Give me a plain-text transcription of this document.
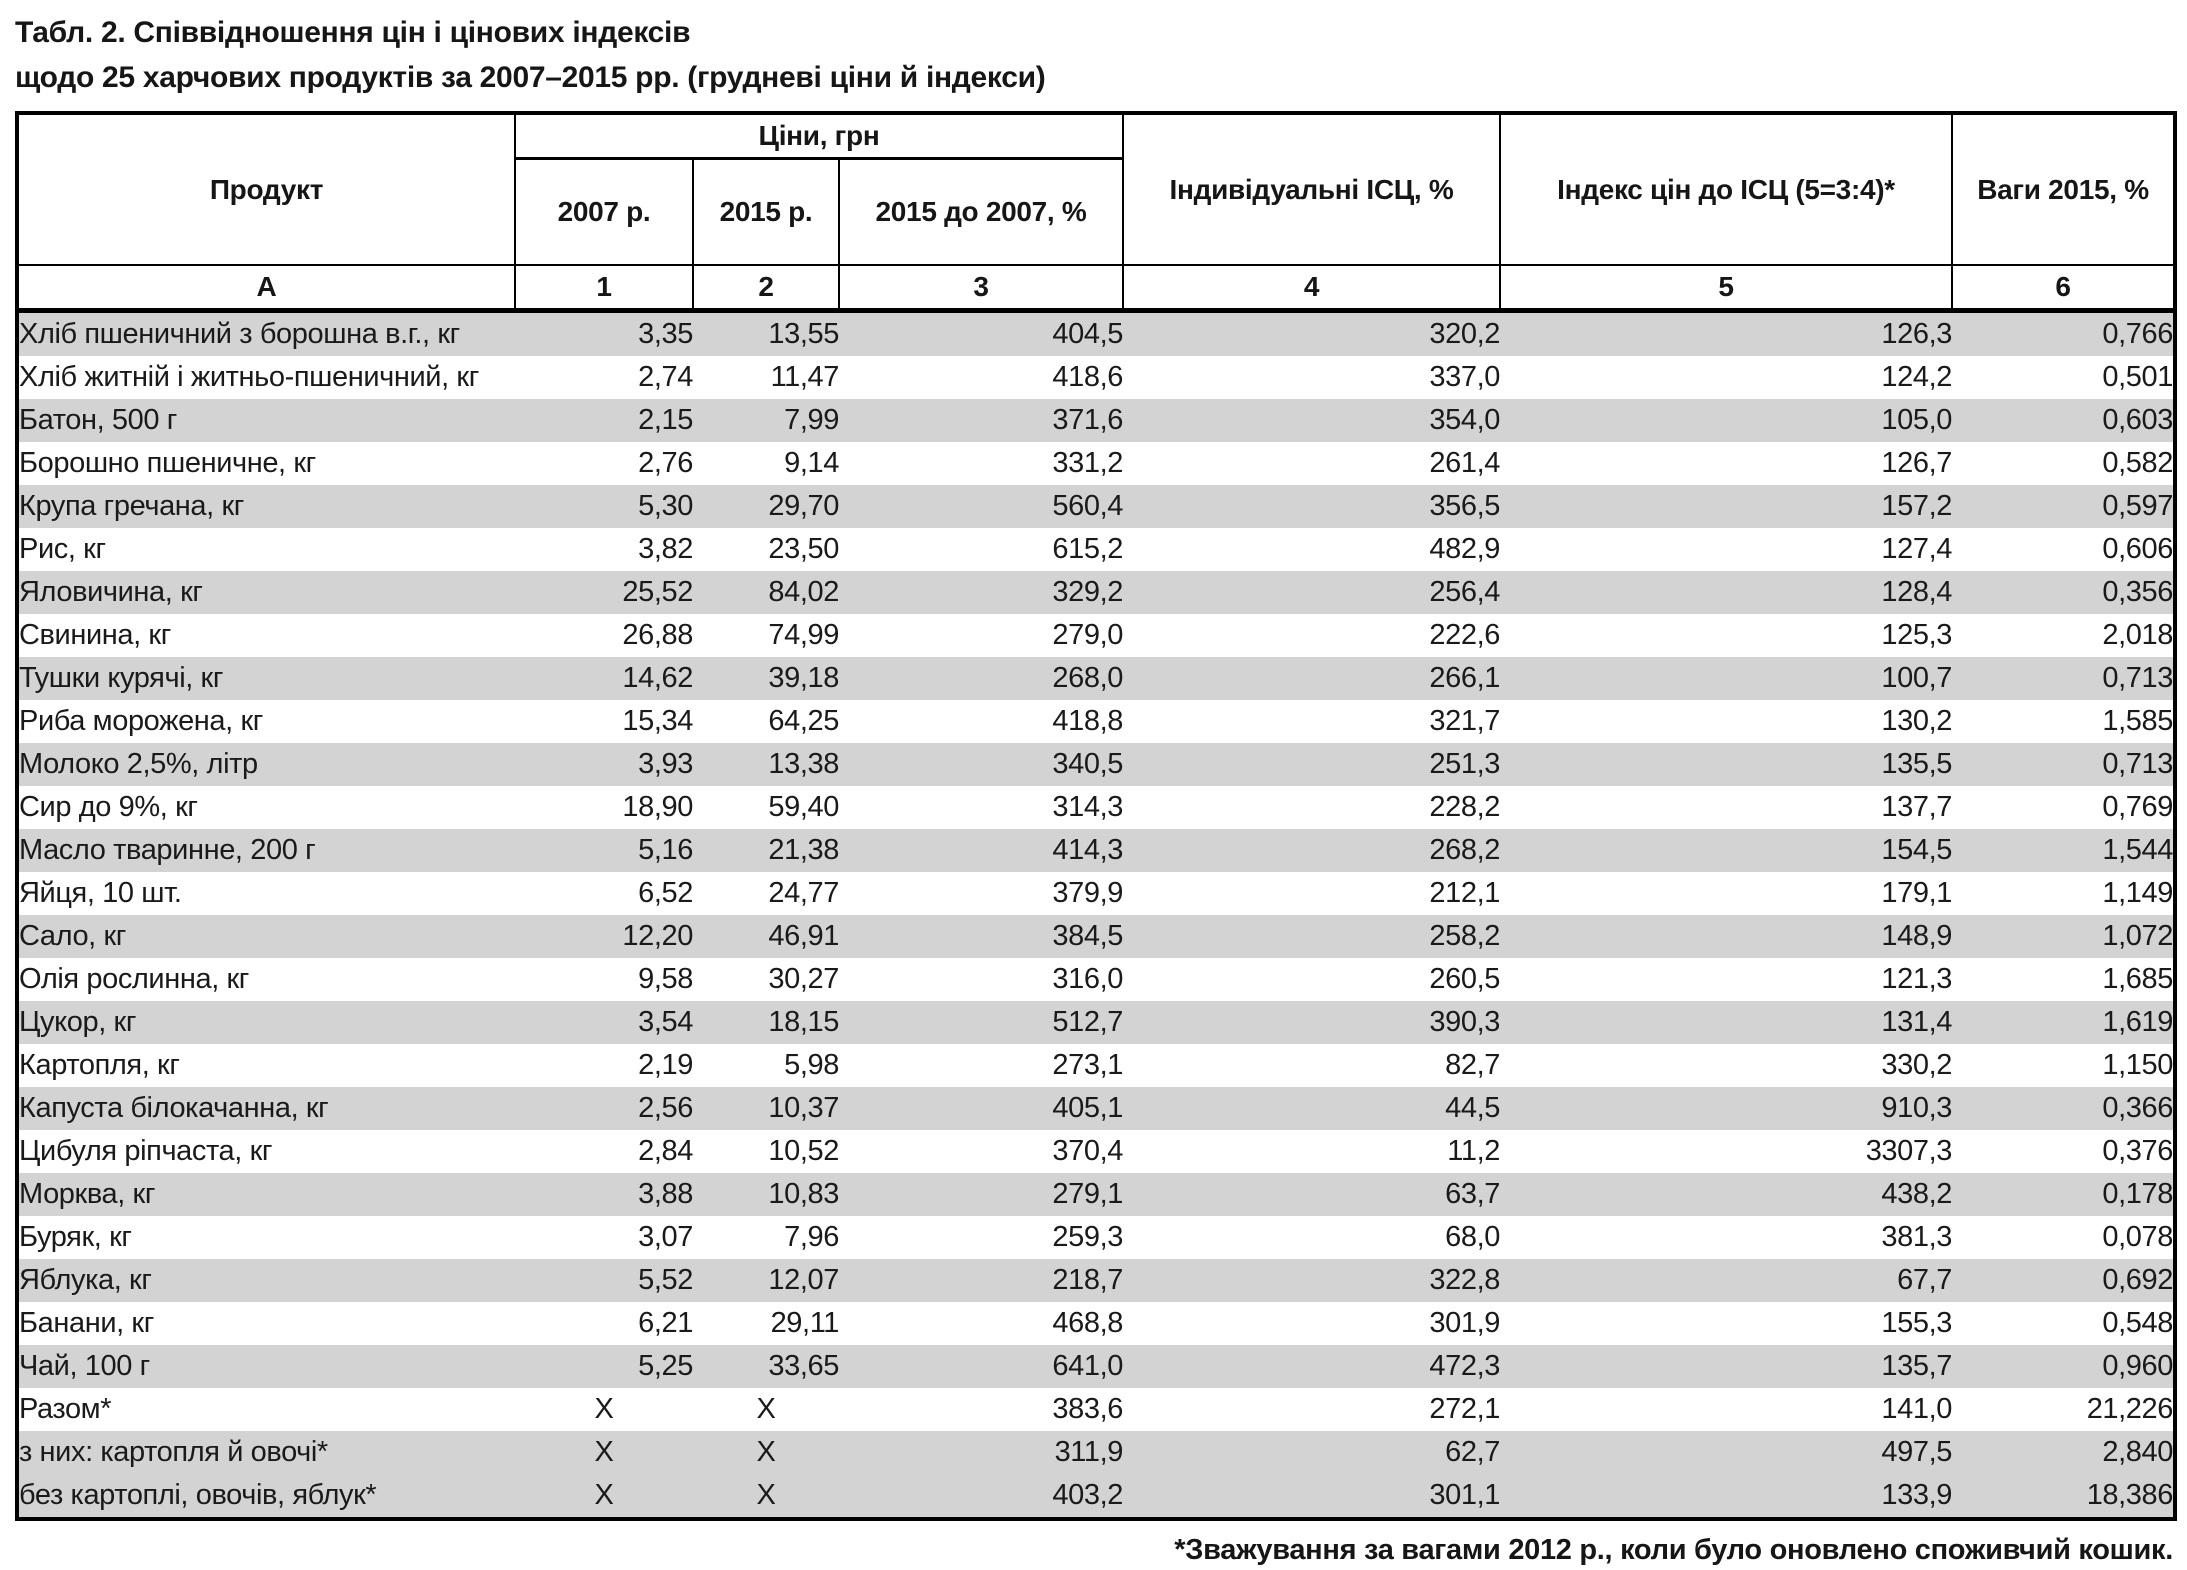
Табл. 2. Співвідношення цін і цінових індексів
щодо 25 харчових продуктів за 2007–2015 рр. (грудневі ціни й індекси)
Продукт	Ціни, грн			Індивідуальні ІСЦ, %	Індекс цін до ІСЦ (5=3:4)*	Ваги 2015, %
	2007 р.	2015 р.	2015 до 2007, %			
А	1	2	3	4	5	6
Хліб пшеничний з борошна в.г., кг	3,35	13,55	404,5	320,2	126,3	0,766
Хліб житній і житньо-пшеничний, кг	2,74	11,47	418,6	337,0	124,2	0,501
Батон, 500 г	2,15	7,99	371,6	354,0	105,0	0,603
Борошно пшеничне, кг	2,76	9,14	331,2	261,4	126,7	0,582
Крупа гречана, кг	5,30	29,70	560,4	356,5	157,2	0,597
Рис, кг	3,82	23,50	615,2	482,9	127,4	0,606
Яловичина, кг	25,52	84,02	329,2	256,4	128,4	0,356
Свинина, кг	26,88	74,99	279,0	222,6	125,3	2,018
Тушки курячі, кг	14,62	39,18	268,0	266,1	100,7	0,713
Риба морожена, кг	15,34	64,25	418,8	321,7	130,2	1,585
Молоко 2,5%, літр	3,93	13,38	340,5	251,3	135,5	0,713
Сир до 9%, кг	18,90	59,40	314,3	228,2	137,7	0,769
Масло тваринне, 200 г	5,16	21,38	414,3	268,2	154,5	1,544
Яйця, 10 шт.	6,52	24,77	379,9	212,1	179,1	1,149
Сало, кг	12,20	46,91	384,5	258,2	148,9	1,072
Олія рослинна, кг	9,58	30,27	316,0	260,5	121,3	1,685
Цукор, кг	3,54	18,15	512,7	390,3	131,4	1,619
Картопля, кг	2,19	5,98	273,1	82,7	330,2	1,150
Капуста білокачанна, кг	2,56	10,37	405,1	44,5	910,3	0,366
Цибуля ріпчаста, кг	2,84	10,52	370,4	11,2	3307,3	0,376
Морква, кг	3,88	10,83	279,1	63,7	438,2	0,178
Буряк, кг	3,07	7,96	259,3	68,0	381,3	0,078
Яблука, кг	5,52	12,07	218,7	322,8	67,7	0,692
Банани, кг	6,21	29,11	468,8	301,9	155,3	0,548
Чай, 100 г	5,25	33,65	641,0	472,3	135,7	0,960
Разом*	Х	Х	383,6	272,1	141,0	21,226
з них: картопля й овочі*	Х	Х	311,9	62,7	497,5	2,840
без картоплі, овочів, яблук*	Х	Х	403,2	301,1	133,9	18,386
*Зважування за вагами 2012 р., коли було оновлено споживчий кошик.
